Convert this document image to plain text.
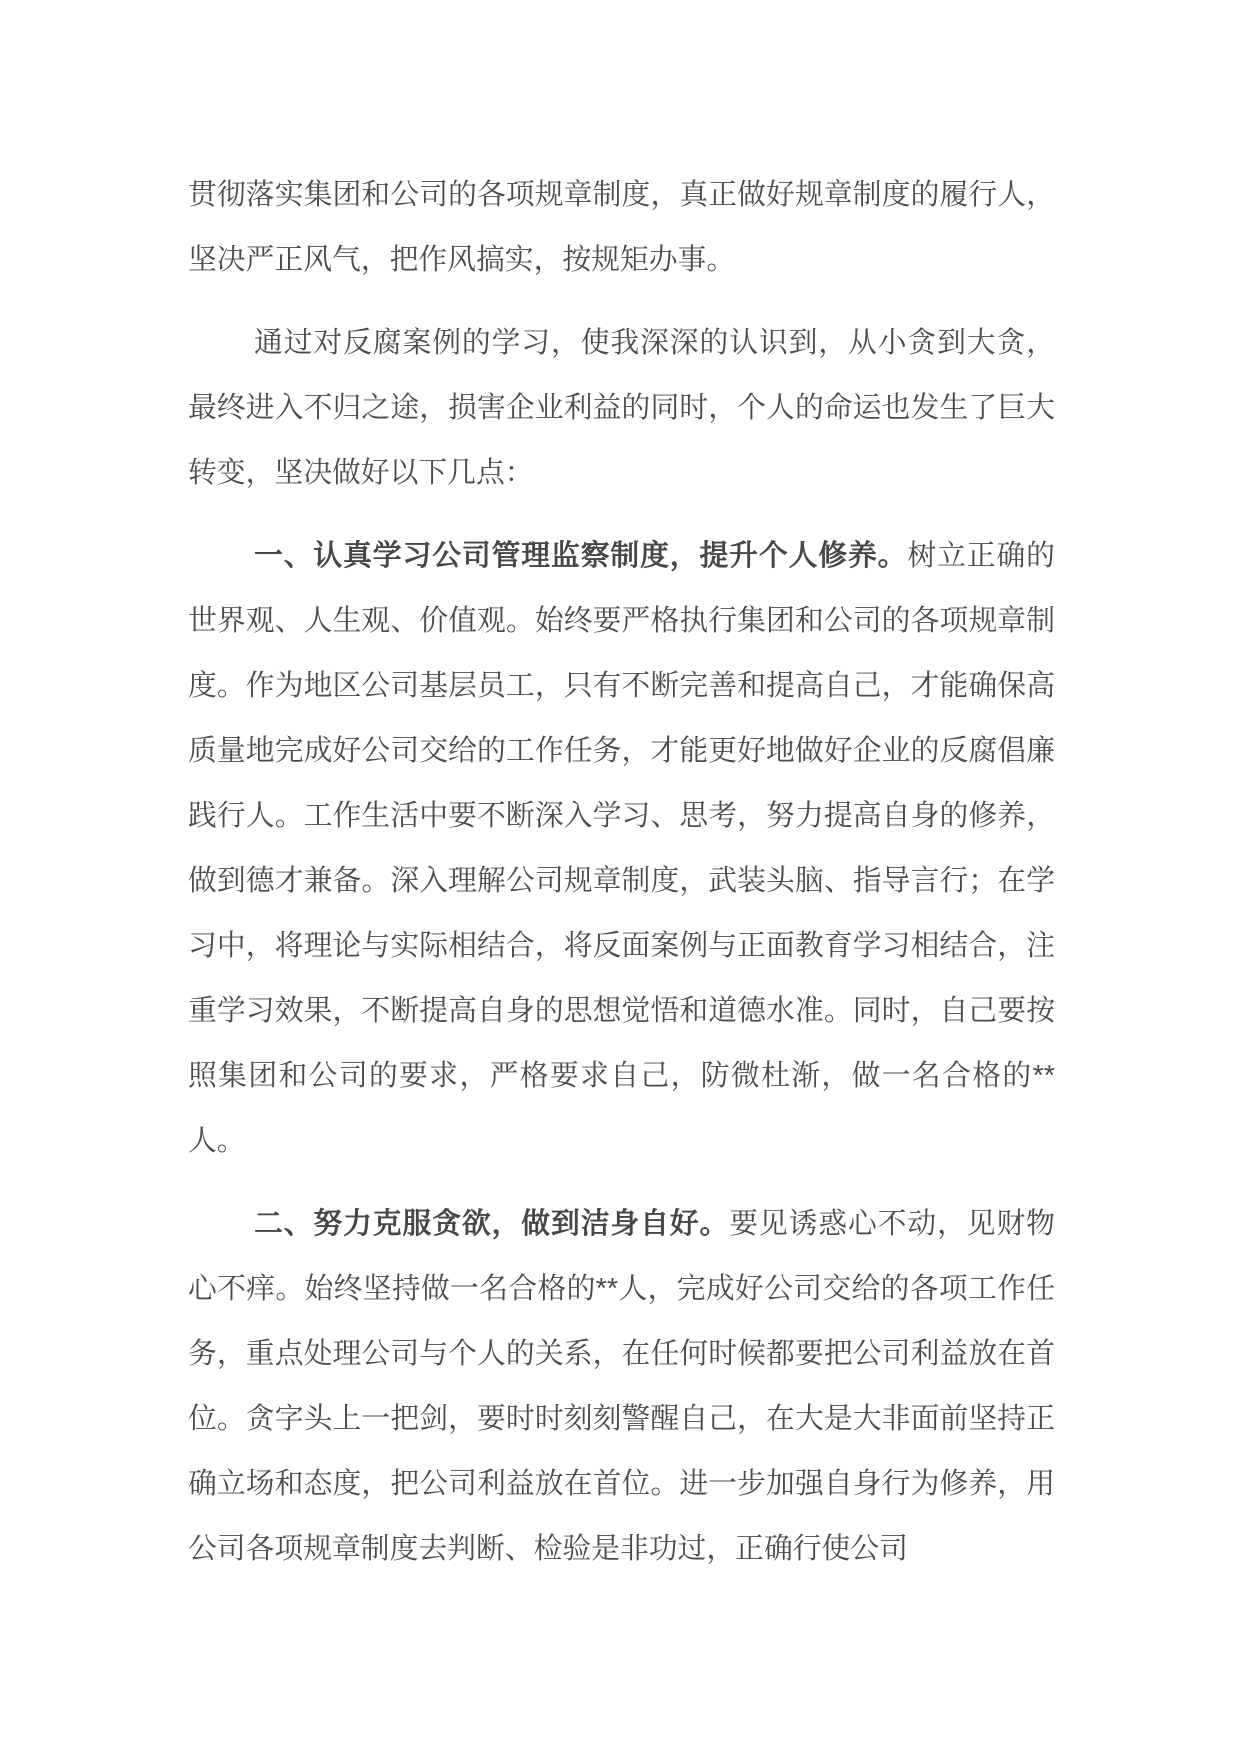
贯彻落实集团和公司的各项规章制度，真正做好规章制度的履行人，坚决严正风气，把作风搞实，按规矩办事。

通过对反腐案例的学习，使我深深的认识到，从小贪到大贪，最终进入不归之途，损害企业利益的同时，个人的命运也发生了巨大转变，坚决做好以下几点：

一、认真学习公司管理监察制度，提升个人修养。树立正确的世界观、人生观、价值观。始终要严格执行集团和公司的各项规章制度。作为地区公司基层员工，只有不断完善和提高自己，才能确保高质量地完成好公司交给的工作任务，才能更好地做好企业的反腐倡廉践行人。工作生活中要不断深入学习、思考，努力提高自身的修养，做到德才兼备。深入理解公司规章制度，武装头脑、指导言行；在学习中，将理论与实际相结合，将反面案例与正面教育学习相结合，注重学习效果，不断提高自身的思想觉悟和道德水准。同时，自己要按照集团和公司的要求，严格要求自己，防微杜渐，做一名合格的**人。

二、努力克服贪欲，做到洁身自好。要见诱惑心不动，见财物心不痒。始终坚持做一名合格的**人，完成好公司交给的各项工作任务，重点处理公司与个人的关系，在任何时候都要把公司利益放在首位。贪字头上一把剑，要时时刻刻警醒自己，在大是大非面前坚持正确立场和态度，把公司利益放在首位。进一步加强自身行为修养，用公司各项规章制度去判断、检验是非功过，正确行使公司
